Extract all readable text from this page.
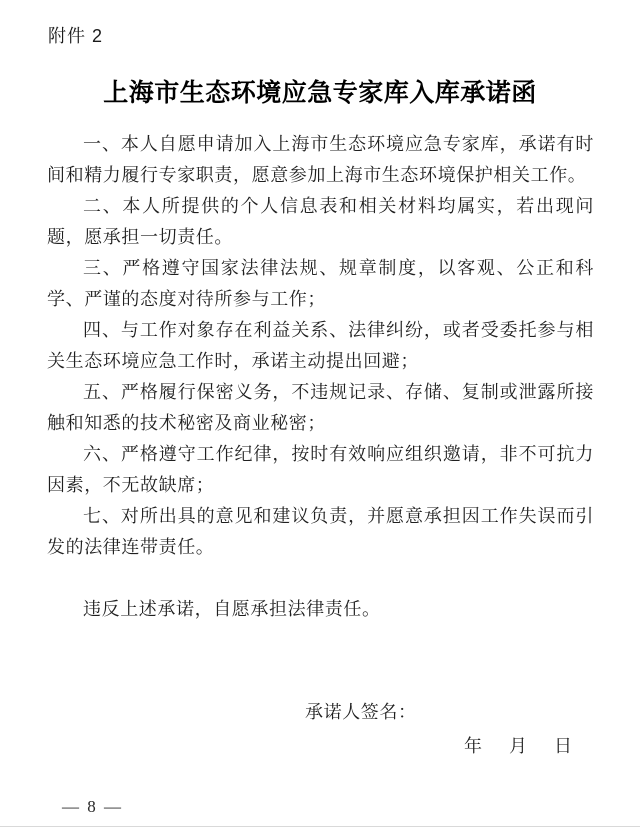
附件 2
上海市生态环境应急专家库入库承诺函

一、本人自愿申请加入上海市生态环境应急专家库，承诺有时间和精力履行专家职责，愿意参加上海市生态环境保护相关工作。

二、本人所提供的个人信息表和相关材料均属实，若出现问题，愿承担一切责任。

三、严格遵守国家法律法规、规章制度，以客观、公正和科学、严谨的态度对待所参与工作；

四、与工作对象存在利益关系、法律纠纷，或者受委托参与相关生态环境应急工作时，承诺主动提出回避；

五、严格履行保密义务，不违规记录、存储、复制或泄露所接触和知悉的技术秘密及商业秘密；

六、严格遵守工作纪律，按时有效响应组织邀请，非不可抗力因素，不无故缺席；

七、对所出具的意见和建议负责，并愿意承担因工作失误而引发的法律连带责任。

违反上述承诺，自愿承担法律责任。

承诺人签名：
年 月 日
— 8 —
